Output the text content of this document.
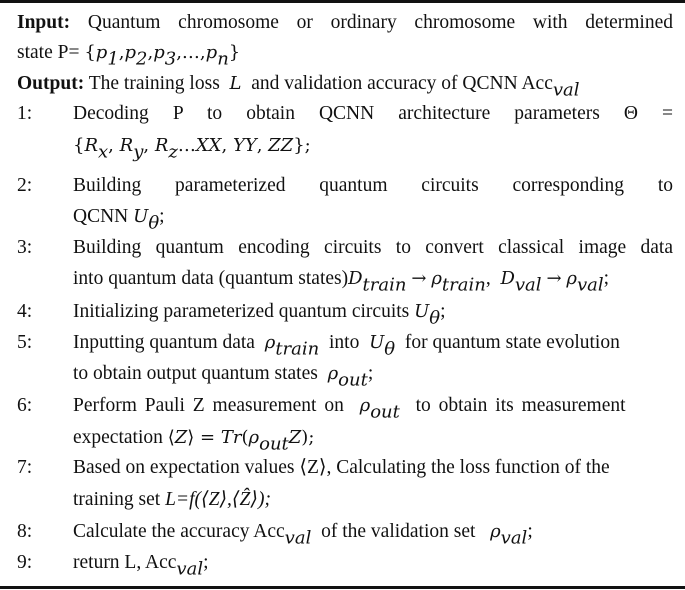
Input: Quantum chromosome or ordinary chromosome with determined
state $P= \{p_1,p_2,p_3,\dots,p_n\}$
Output: The training loss L and validation accuracy of QCNN Acc$_{val}$
1: Decoding P to obtain QCNN architecture parameters Θ =
{$R_x$, $R_y$, $R_z\dots XX$, YY, ZZ};
2: Building parameterized quantum circuits corresponding to
QCNN $U_\theta$;
3: Building quantum encoding circuits to convert classical image data
into quantum data (quantum $states)D_{train} \to \rho_{train}$,  $D_{val} \to \rho_{val}$;
4: Initializing parameterized quantum circuits $U_\theta$;
5: Inputting quantum data $\rho_{train}$ into $U_\theta$ for quantum state evolution
to obtain output quantum states $\rho_{out}$;
6: Perform Pauli Z measurement on $\rho_{out}$ to obtain its measurement
expectation ⟨Z⟩ = $Tr(\rho_{out}Z)$;
7: Based on expectation values ⟨Z⟩, Calculating the loss function of the
training set L=f(⟨Z⟩,⟨Ẑ⟩);
8: Calculate the accuracy Acc$_{val}$ of the validation set $\rho_{val}$;
9: return L, Acc$_{val}$;
